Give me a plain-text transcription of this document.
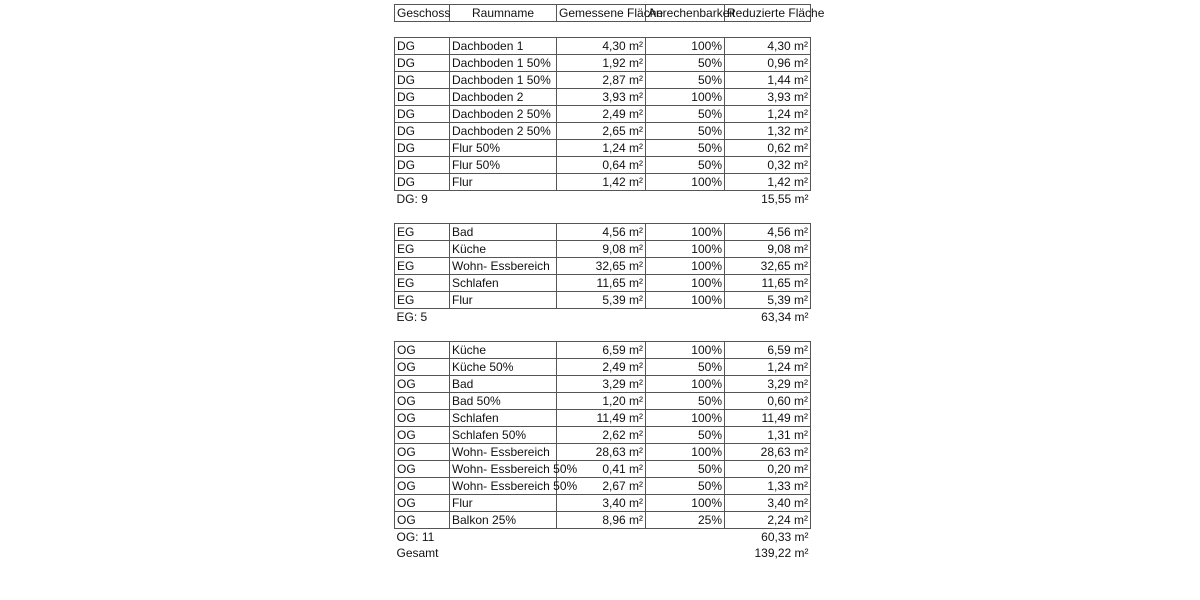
Geschoss	Raumname	Gemessene Fläche	Anrechenbarkeit	Reduzierte Fläche

DG	Dachboden 1	4,30 m²	100%	4,30 m²
DG	Dachboden 1 50%	1,92 m²	50%	0,96 m²
DG	Dachboden 1 50%	2,87 m²	50%	1,44 m²
DG	Dachboden 2	3,93 m²	100%	3,93 m²
DG	Dachboden 2 50%	2,49 m²	50%	1,24 m²
DG	Dachboden 2 50%	2,65 m²	50%	1,32 m²
DG	Flur 50%	1,24 m²	50%	0,62 m²
DG	Flur 50%	0,64 m²	50%	0,32 m²
DG	Flur	1,42 m²	100%	1,42 m²
DG: 9				15,55 m²

EG	Bad	4,56 m²	100%	4,56 m²
EG	Küche	9,08 m²	100%	9,08 m²
EG	Wohn- Essbereich	32,65 m²	100%	32,65 m²
EG	Schlafen	11,65 m²	100%	11,65 m²
EG	Flur	5,39 m²	100%	5,39 m²
EG: 5				63,34 m²

OG	Küche	6,59 m²	100%	6,59 m²
OG	Küche 50%	2,49 m²	50%	1,24 m²
OG	Bad	3,29 m²	100%	3,29 m²
OG	Bad 50%	1,20 m²	50%	0,60 m²
OG	Schlafen	11,49 m²	100%	11,49 m²
OG	Schlafen 50%	2,62 m²	50%	1,31 m²
OG	Wohn- Essbereich	28,63 m²	100%	28,63 m²
OG	Wohn- Essbereich 50%	0,41 m²	50%	0,20 m²
OG	Wohn- Essbereich 50%	2,67 m²	50%	1,33 m²
OG	Flur	3,40 m²	100%	3,40 m²
OG	Balkon 25%	8,96 m²	25%	2,24 m²
OG: 11				60,33 m²
Gesamt				139,22 m²
